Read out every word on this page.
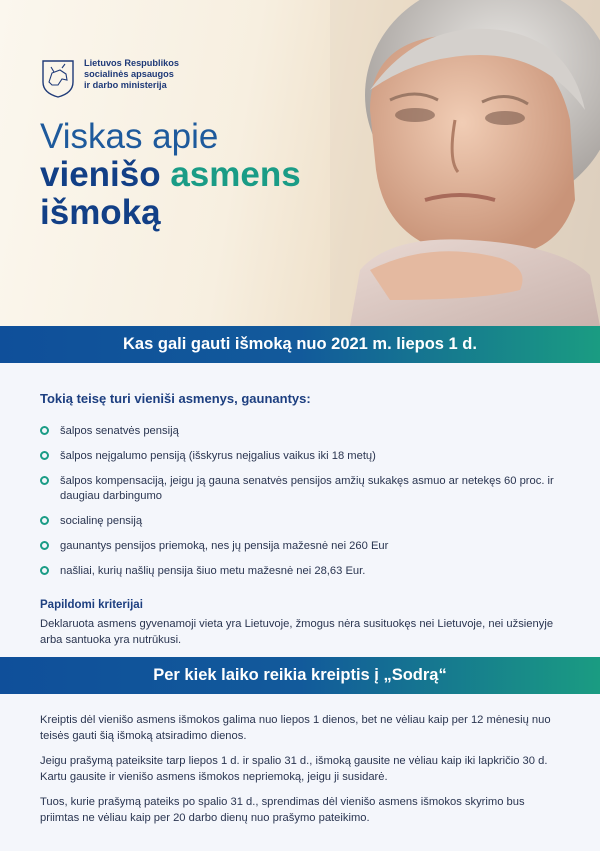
Lietuvos Respublikos
socialinės apsaugos
ir darbo ministerija
Viskas apie
vienišo asmens
išmoką
Kas gali gauti išmoką nuo 2021 m. liepos 1 d.
Tokią teisę turi vieniši asmenys, gaunantys:
šalpos senatvės pensiją
šalpos neįgalumo pensiją (išskyrus neįgalius vaikus iki 18 metų)
šalpos kompensaciją, jeigu ją gauna senatvės pensijos amžių sukakęs asmuo ar netekęs 60 proc. ir daugiau darbingumo
socialinę pensiją
gaunantys pensijos priemoką, nes jų pensija mažesnė nei 260 Eur
našliai, kurių našlių pensija šiuo metu mažesnė nei 28,63 Eur.
Papildomi kriterijai
Deklaruota asmens gyvenamoji vieta yra Lietuvoje, žmogus nėra susituokęs nei Lietuvoje, nei užsienyje arba santuoka yra nutrūkusi.
Per kiek laiko reikia kreiptis į „Sodrą“
Kreiptis dėl vienišo asmens išmokos galima nuo liepos 1 dienos, bet ne vėliau kaip per 12 mėnesių nuo teisės gauti šią išmoką atsiradimo dienos.
Jeigu prašymą pateiksite tarp liepos 1 d. ir spalio 31 d., išmoką gausite ne vėliau kaip iki lapkričio 30 d. Kartu gausite ir vienišo asmens išmokos nepriemoką, jeigu ji susidarė.
Tuos, kurie prašymą pateiks po spalio 31 d., sprendimas dėl vienišo asmens išmokos skyrimo bus priimtas ne vėliau kaip per 20 darbo dienų nuo prašymo pateikimo.
